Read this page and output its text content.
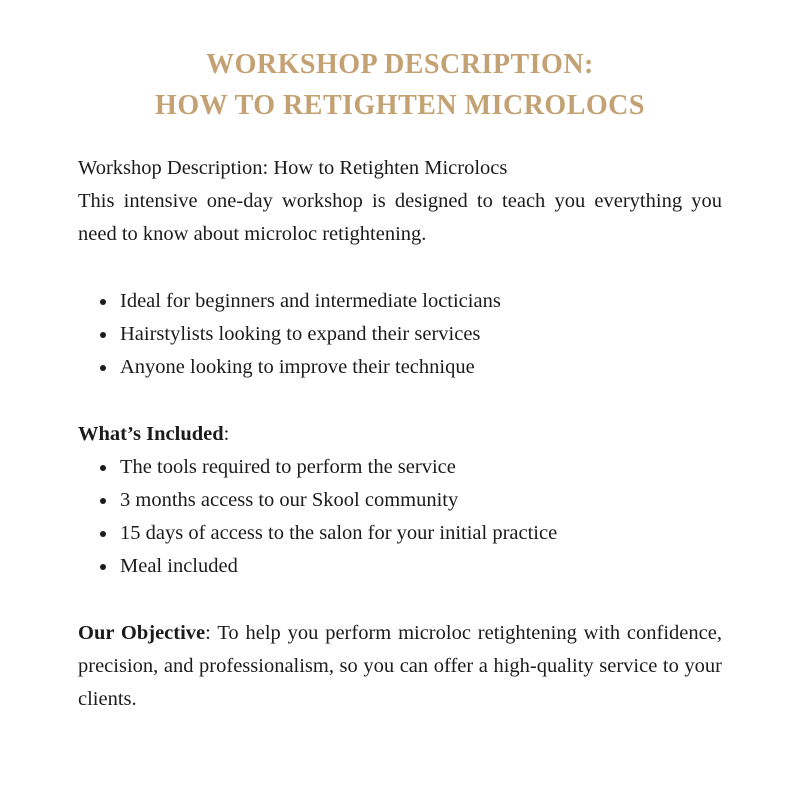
WORKSHOP DESCRIPTION:
HOW TO RETIGHTEN MICROLOCS

Workshop Description: How to Retighten Microlocs

This intensive one-day workshop is designed to teach you everything you need to know about microloc retightening.

• Ideal for beginners and intermediate locticians
• Hairstylists looking to expand their services
• Anyone looking to improve their technique

What’s Included:

• The tools required to perform the service
• 3 months access to our Skool community
• 15 days of access to the salon for your initial practice
• Meal included

Our Objective: To help you perform microloc retightening with confidence, precision, and professionalism, so you can offer a high-quality service to your clients.
